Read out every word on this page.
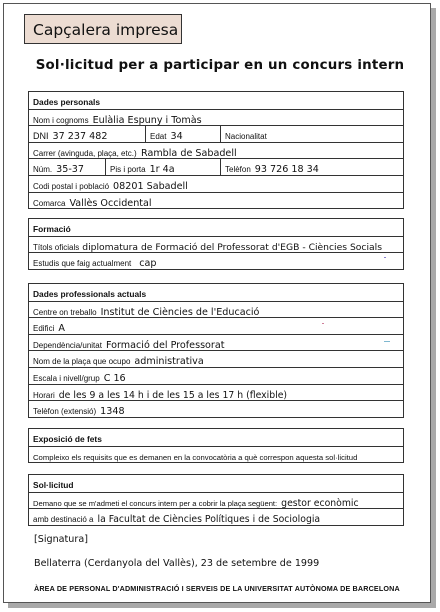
Capçalera impresa
Sol·licitud per a participar en un concurs intern
Dades personals
Nom i cognoms Eulàlia Espuny i Tomàs
DNI 37 237 482	Edat 34	Nacionalitat
Carrer (avinguda, plaça, etc.) Rambla de Sabadell
Núm. 35-37	Pis i porta 1r 4a	Telèfon 93 726 18 34
Codi postal i població 08201 Sabadell
Comarca Vallès Occidental
Formació
Títols oficials diplomatura de Formació del Professorat d'EGB - Ciències Socials
Estudis que faig actualment cap
Dades professionals actuals
Centre on treballo Institut de Ciències de l'Educació
Edifici A
Dependència/unitat Formació del Professorat
Nom de la plaça que ocupo administrativa
Escala i nivell/grup C 16
Horari de les 9 a les 14 h i de les 15 a les 17 h (flexible)
Telèfon (extensió) 1348
Exposició de fets
Compleixo els requisits que es demanen en la convocatòria a què correspon aquesta sol·licitud
Sol·licitud
Demano que se m'admeti el concurs intern per a cobrir la plaça següent: gestor econòmic
amb destinació a la Facultat de Ciències Polítiques i de Sociologia
[Signatura]
Bellaterra (Cerdanyola del Vallès), 23 de setembre de 1999
ÀREA DE PERSONAL D'ADMINISTRACIÓ I SERVEIS DE LA UNIVERSITAT AUTÒNOMA DE BARCELONA
